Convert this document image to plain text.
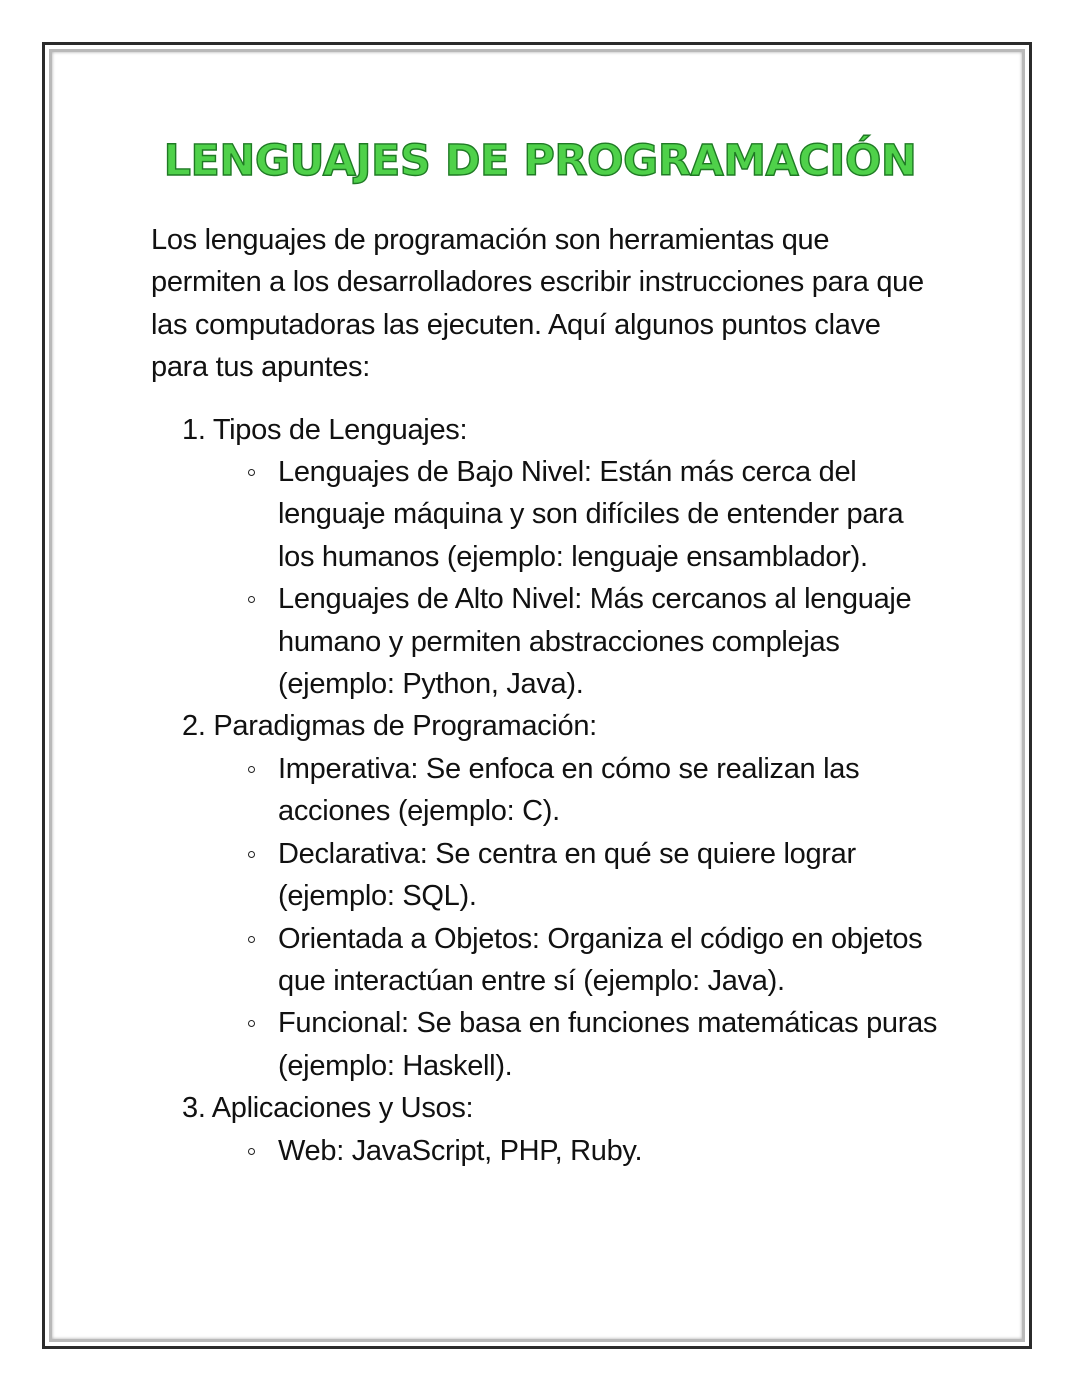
LENGUAJES DE PROGRAMACIÓN

Los lenguajes de programación son herramientas que permiten a los desarrolladores escribir instrucciones para que las computadoras las ejecuten. Aquí algunos puntos clave para tus apuntes:

1. Tipos de Lenguajes:
Lenguajes de Bajo Nivel: Están más cerca del lenguaje máquina y son difíciles de entender para los humanos (ejemplo: lenguaje ensamblador).
Lenguajes de Alto Nivel: Más cercanos al lenguaje humano y permiten abstracciones complejas (ejemplo: Python, Java).
2. Paradigmas de Programación:
Imperativa: Se enfoca en cómo se realizan las acciones (ejemplo: C).
Declarativa: Se centra en qué se quiere lograr (ejemplo: SQL).
Orientada a Objetos: Organiza el código en objetos que interactúan entre sí (ejemplo: Java).
Funcional: Se basa en funciones matemáticas puras (ejemplo: Haskell).
3. Aplicaciones y Usos:
Web: JavaScript, PHP, Ruby.
